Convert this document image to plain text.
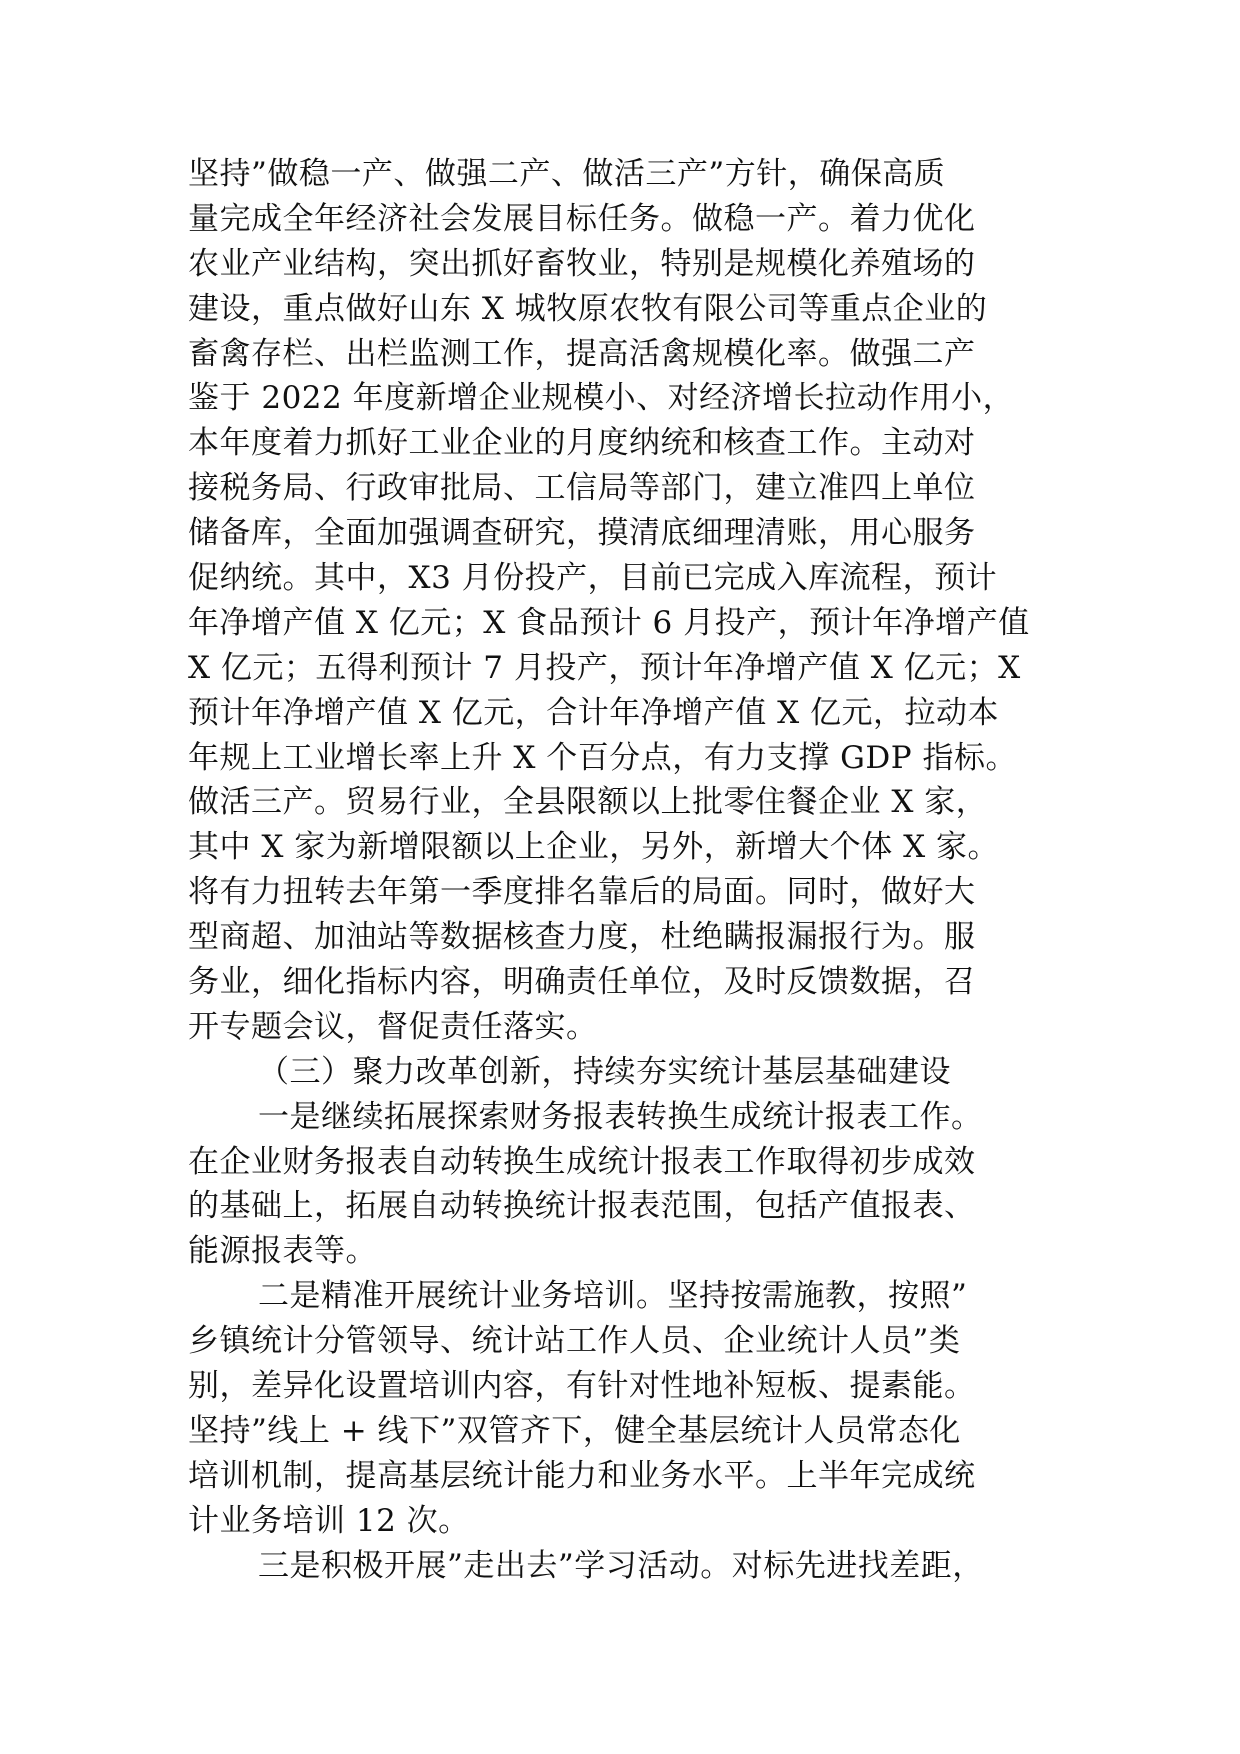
坚持”做稳一产、做强二产、做活三产”方针，确保高质
量完成全年经济社会发展目标任务。做稳一产。着力优化
农业产业结构，突出抓好畜牧业，特别是规模化养殖场的
建设，重点做好山东 X 城牧原农牧有限公司等重点企业的
畜禽存栏、出栏监测工作，提高活禽规模化率。做强二产
鉴于 2022 年度新增企业规模小、对经济增长拉动作用小，
本年度着力抓好工业企业的月度纳统和核查工作。主动对
接税务局、行政审批局、工信局等部门，建立准四上单位
储备库，全面加强调查研究，摸清底细理清账，用心服务
促纳统。其中，X3 月份投产，目前已完成入库流程，预计
年净增产值 X 亿元；X 食品预计 6 月投产，预计年净增产值
X 亿元；五得利预计 7 月投产，预计年净增产值 X 亿元；X
预计年净增产值 X 亿元，合计年净增产值 X 亿元，拉动本
年规上工业增长率上升 X 个百分点，有力支撑 GDP 指标。
做活三产。贸易行业，全县限额以上批零住餐企业 X 家，
其中 X 家为新增限额以上企业，另外，新增大个体 X 家。
将有力扭转去年第一季度排名靠后的局面。同时，做好大
型商超、加油站等数据核查力度，杜绝瞒报漏报行为。服
务业，细化指标内容，明确责任单位，及时反馈数据，召
开专题会议，督促责任落实。
（三）聚力改革创新，持续夯实统计基层基础建设
一是继续拓展探索财务报表转换生成统计报表工作。
在企业财务报表自动转换生成统计报表工作取得初步成效
的基础上，拓展自动转换统计报表范围，包括产值报表、
能源报表等。
二是精准开展统计业务培训。坚持按需施教，按照”
乡镇统计分管领导、统计站工作人员、企业统计人员”类
别，差异化设置培训内容，有针对性地补短板、提素能。
坚持”线上 + 线下”双管齐下，健全基层统计人员常态化
培训机制，提高基层统计能力和业务水平。上半年完成统
计业务培训 12 次。
三是积极开展”走出去”学习活动。对标先进找差距，
